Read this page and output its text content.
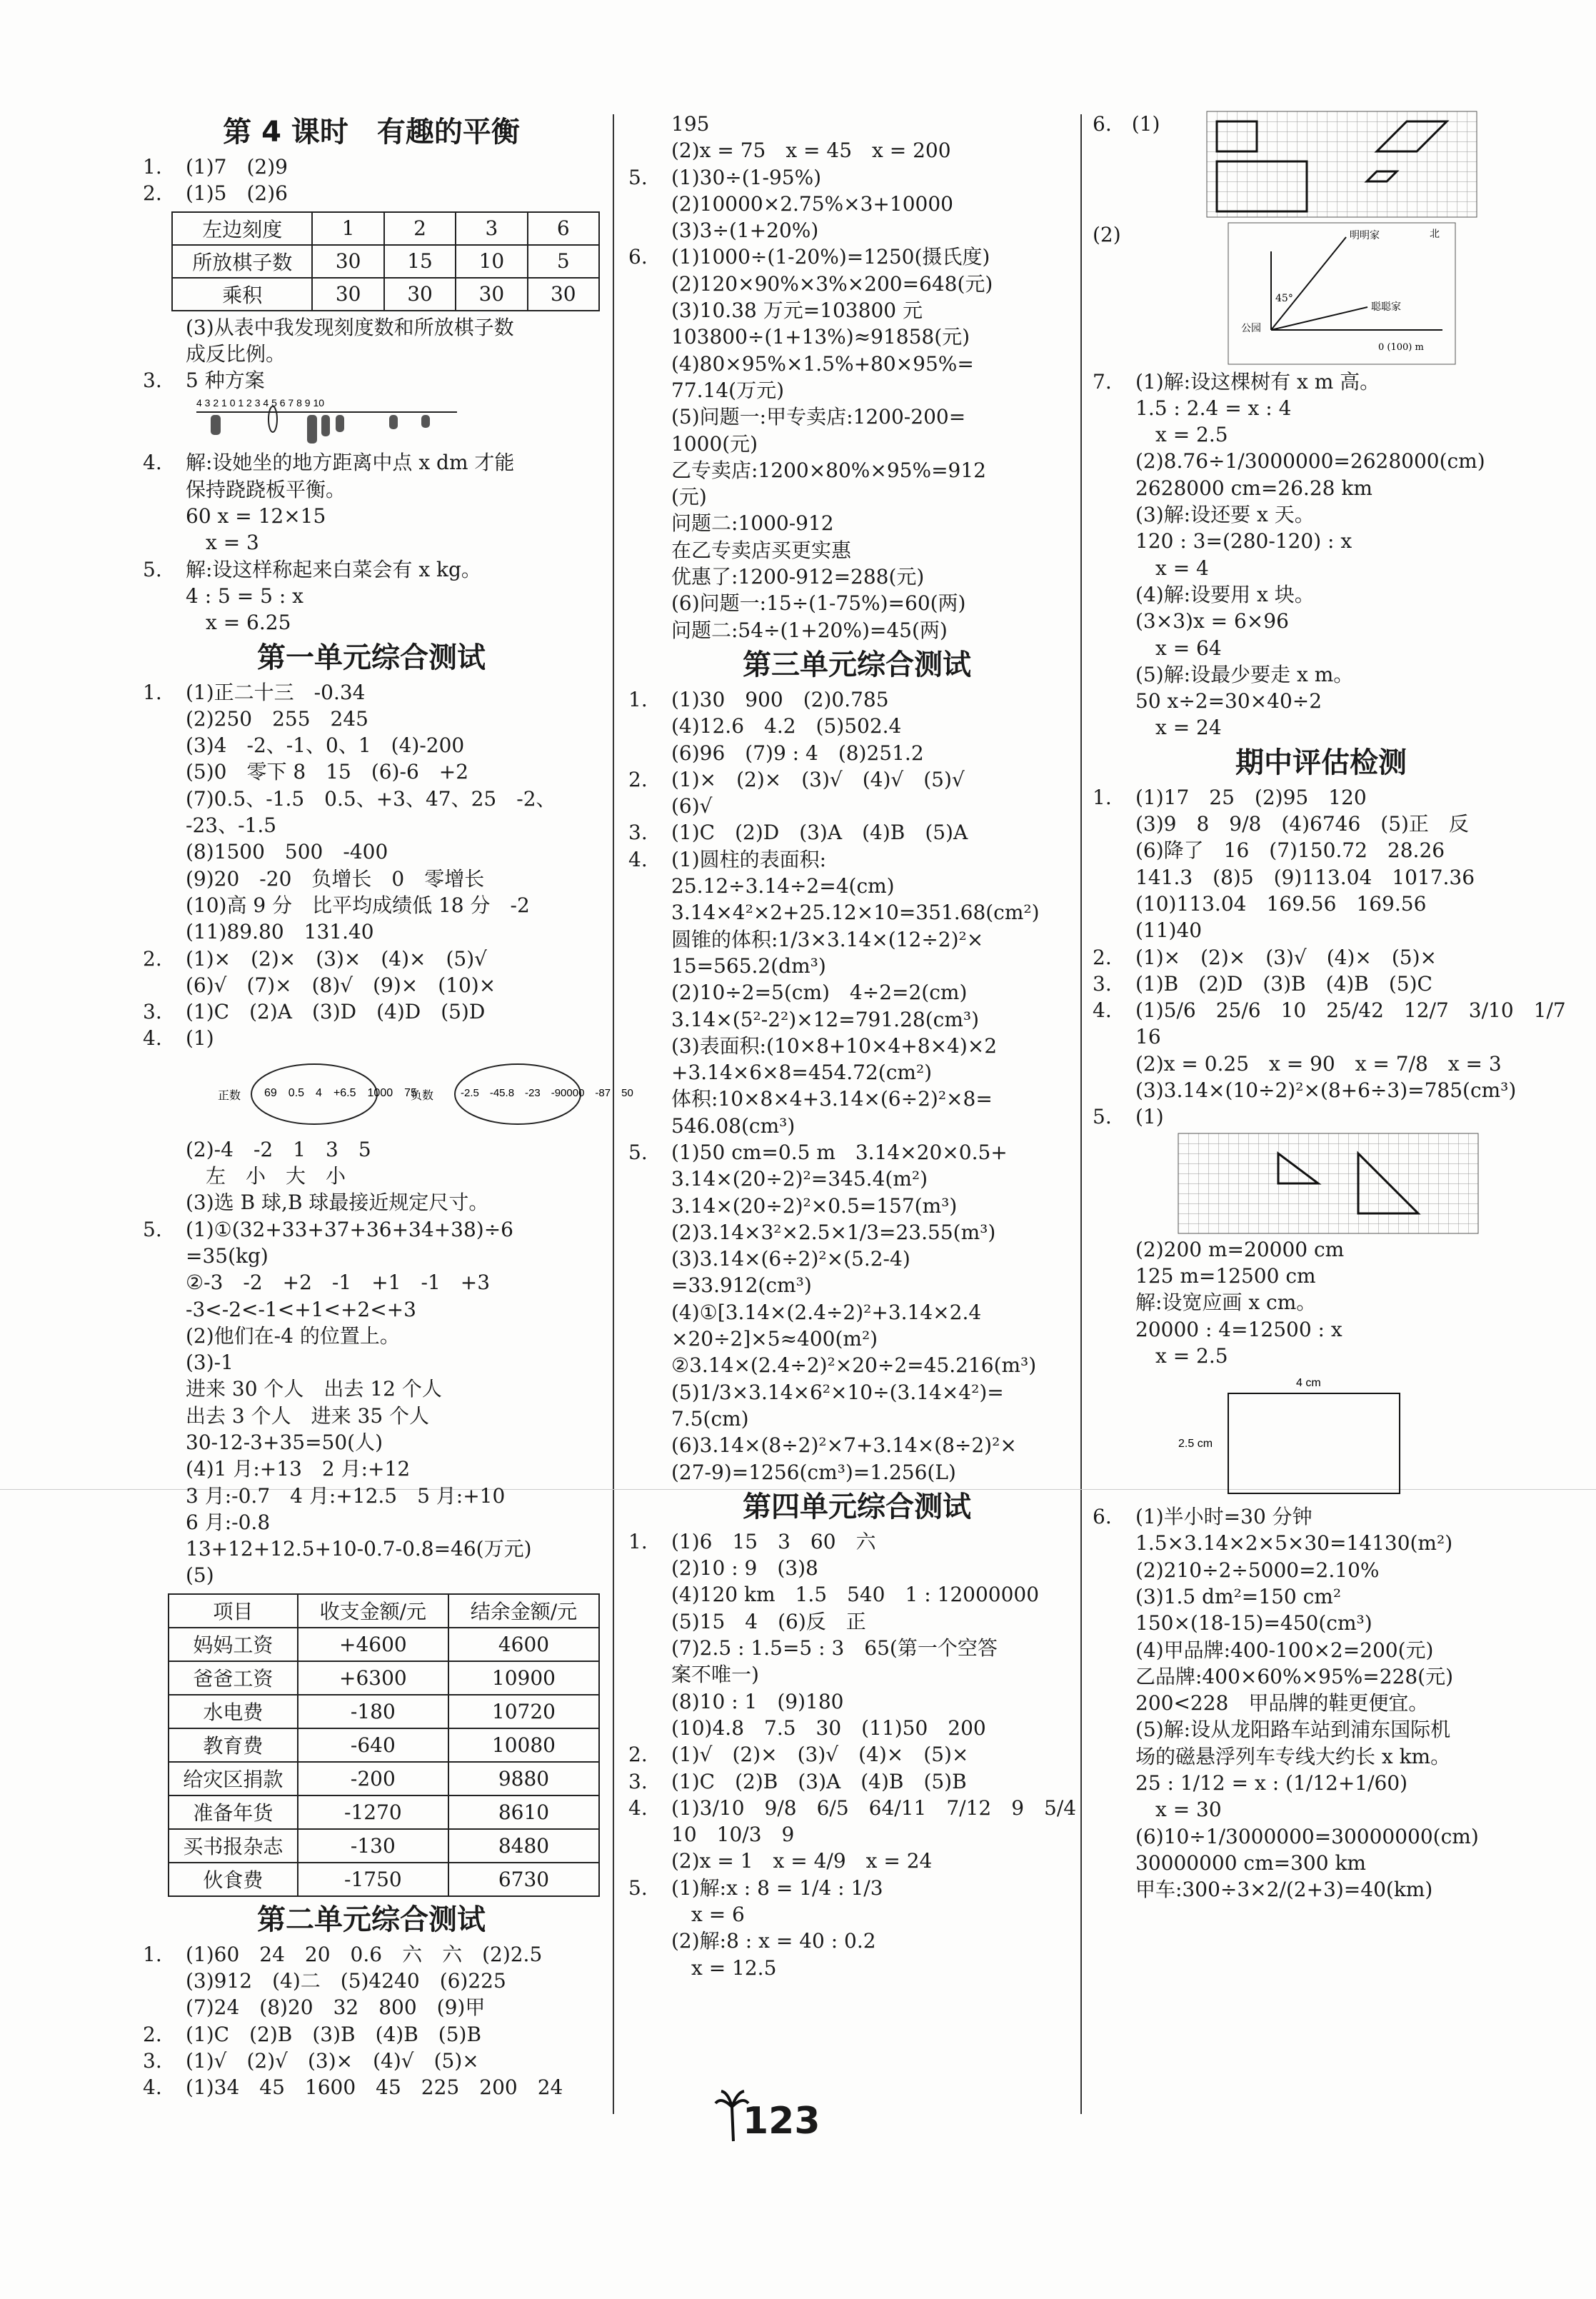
第 4 课时　有趣的平衡
1. (1)7　(2)9
2. (1)5　(2)6
左边刻度	1	2	3	6
所放棋子数	30	15	10	5
乘积	30	30	30	30
(3)从表中我发现刻度数和所放棋子数
成反比例。
3. 5 种方案
4 3 2 1 0 1 2 3 4 5 6 7 8 9 10
4. 解:设她坐的地方距离中点 x dm 才能
保持跷跷板平衡。
60 x = 12×15
　x = 3
5. 解:设这样称起来白菜会有 x kg。
4 : 5 = 5 : x
　x = 6.25
第一单元综合测试
1. (1)正二十三　-0.34
(2)250　255　245
(3)4　-2、-1、0、1　(4)-200
(5)0　零下 8　15　(6)-6　+2
(7)0.5、-1.5　0.5、+3、47、25　-2、
-23、-1.5
(8)1500　500　-400
(9)20　-20　负增长　0　零增长
(10)高 9 分　比平均成绩低 18 分　-2
(11)89.80　131.40
2. (1)×　(2)×　(3)×　(4)×　(5)√
(6)√　(7)×　(8)√　(9)×　(10)×
3. (1)C　(2)A　(3)D　(4)D　(5)D
4. (1)
正数 69　0.5　4　+6.5　1000　75
负数	-2.5　-45.8　-23　-90000　-87　50
(2)-4　-2　1　3　5
　左　小　大　小
(3)选 B 球,B 球最接近规定尺寸。
5. (1)①(32+33+37+36+34+38)÷6
=35(kg)
②-3　-2　+2　-1　+1　-1　+3
-3<-2<-1<+1<+2<+3
(2)他们在-4 的位置上。
(3)-1
进来 30 个人　出去 12 个人
出去 3 个人　进来 35 个人
30-12-3+35=50(人)
(4)1 月:+13　2 月:+12
3 月:-0.7　4 月:+12.5　5 月:+10
6 月:-0.8
13+12+12.5+10-0.7-0.8=46(万元)
(5)
项目	收支金额/元	结余金额/元
妈妈工资	+4600	4600
爸爸工资	+6300	10900
水电费	-180	10720
教育费	-640	10080
给灾区捐款	-200	9880
准备年货	-1270	8610
买书报杂志	-130	8480
伙食费	-1750	6730
第二单元综合测试
1. (1)60　24　20　0.6　六　六　(2)2.5
(3)912　(4)二　(5)4240　(6)225
(7)24　(8)20　32　800　(9)甲
2. (1)C　(2)B　(3)B　(4)B　(5)B
3. (1)√　(2)√　(3)×　(4)√　(5)×
4. (1)34　45　1600　45　225　200　24
195
(2)x = 75　x = 45　x = 200
5. (1)30÷(1-95%)
(2)10000×2.75%×3+10000
(3)3÷(1+20%)
6. (1)1000÷(1-20%)=1250(摄氏度)
(2)120×90%×3%×200=648(元)
(3)10.38 万元=103800 元
103800÷(1+13%)≈91858(元)
(4)80×95%×1.5%+80×95%=
77.14(万元)
(5)问题一:甲专卖店:1200-200=
1000(元)
乙专卖店:1200×80%×95%=912
(元)
问题二:1000-912
在乙专卖店买更实惠
优惠了:1200-912=288(元)
(6)问题一:15÷(1-75%)=60(两)
问题二:54÷(1+20%)=45(两)
第三单元综合测试
1. (1)30　900　(2)0.785
(4)12.6　4.2　(5)502.4
(6)96　(7)9 : 4　(8)251.2
2. (1)×　(2)×　(3)√　(4)√　(5)√
(6)√
3. (1)C　(2)D　(3)A　(4)B　(5)A
4. (1)圆柱的表面积:
25.12÷3.14÷2=4(cm)
3.14×4²×2+25.12×10=351.68(cm²)
圆锥的体积:1/3×3.14×(12÷2)²×
15=565.2(dm³)
(2)10÷2=5(cm)　4÷2=2(cm)
3.14×(5²-2²)×12=791.28(cm³)
(3)表面积:(10×8+10×4+8×4)×2
+3.14×6×8=454.72(cm²)
体积:10×8×4+3.14×(6÷2)²×8=
546.08(cm³)
5. (1)50 cm=0.5 m　3.14×20×0.5+
3.14×(20÷2)²=345.4(m²)
3.14×(20÷2)²×0.5=157(m³)
(2)3.14×3²×2.5×1/3=23.55(m³)
(3)3.14×(6÷2)²×(5.2-4)
=33.912(cm³)
(4)①[3.14×(2.4÷2)²+3.14×2.4
×20÷2]×5≈400(m²)
②3.14×(2.4÷2)²×20÷2=45.216(m³)
(5)1/3×3.14×6²×10÷(3.14×4²)=
7.5(cm)
(6)3.14×(8÷2)²×7+3.14×(8÷2)²×
(27-9)=1256(cm³)=1.256(L)
第四单元综合测试
1. (1)6　15　3　60　六
(2)10 : 9　(3)8
(4)120 km　1.5　540　1 : 12000000
(5)15　4　(6)反　正
(7)2.5 : 1.5=5 : 3　65(第一个空答
案不唯一)
(8)10 : 1　(9)180
(10)4.8　7.5　30　(11)50　200
2. (1)√　(2)×　(3)√　(4)×　(5)×
3. (1)C　(2)B　(3)A　(4)B　(5)B
4. (1)3/10　9/8　6/5　64/11　7/12　9　5/4
10　10/3　9
(2)x = 1　x = 4/9　x = 24
5. (1)解:x : 8 = 1/4 : 1/3
　x = 6
(2)解:8 : x = 40 : 0.2
　x = 12.5
6.　(1)
(2)	明明家	北
聪聪家
公园
45°
0 (100) m
7. (1)解:设这棵树有 x m 高。
1.5 : 2.4 = x : 4
　x = 2.5
(2)8.76÷1/3000000=2628000(cm)
2628000 cm=26.28 km
(3)解:设还要 x 天。
120 : 3=(280-120) : x
　x = 4
(4)解:设要用 x 块。
(3×3)x = 6×96
　x = 64
(5)解:设最少要走 x m。
50 x÷2=30×40÷2
　x = 24
期中评估检测
1. (1)17　25　(2)95　120
(3)9　8　9/8　(4)6746　(5)正　反
(6)降了　16　(7)150.72　28.26
141.3　(8)5　(9)113.04　1017.36
(10)113.04　169.56　169.56
(11)40
2. (1)×　(2)×　(3)√　(4)×　(5)×
3. (1)B　(2)D　(3)B　(4)B　(5)C
4. (1)5/6　25/6　10　25/42　12/7　3/10　1/7
16
(2)x = 0.25　x = 90　x = 7/8　x = 3
(3)3.14×(10÷2)²×(8+6÷3)=785(cm³)
5. (1)
(2)200 m=20000 cm
125 m=12500 cm
解:设宽应画 x cm。
20000 : 4=12500 : x
　x = 2.5
4 cm
2.5 cm
6. (1)半小时=30 分钟
1.5×3.14×2×5×30=14130(m²)
(2)210÷2÷5000=2.10%
(3)1.5 dm²=150 cm²
150×(18-15)=450(cm³)
(4)甲品牌:400-100×2=200(元)
乙品牌:400×60%×95%=228(元)
200<228　甲品牌的鞋更便宜。
(5)解:设从龙阳路车站到浦东国际机
场的磁悬浮列车专线大约长 x km。
25 : 1/12 = x : (1/12+1/60)
　x = 30
(6)10÷1/3000000=30000000(cm)
30000000 cm=300 km
甲车:300÷3×2/(2+3)=40(km)
123
